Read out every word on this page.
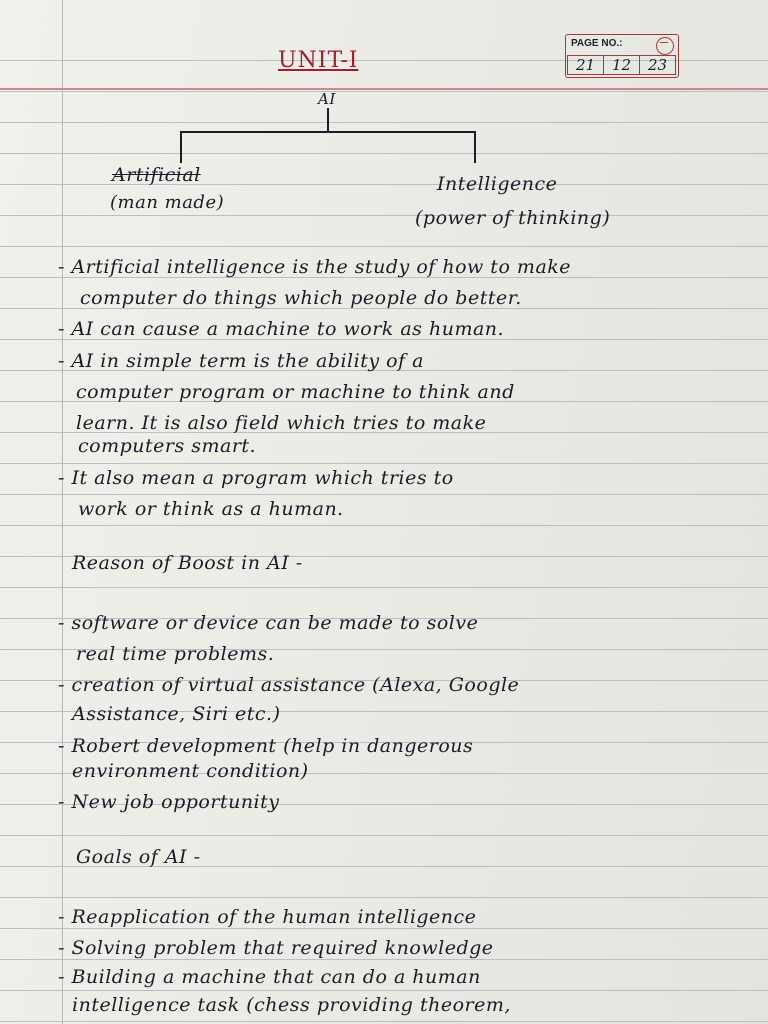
UNIT-I
PAGE NO.:
21	12	23
AI
Artificial
(man made)
Intelligence
(power of thinking)
- Artificial intelligence is the study of how to make
computer do things which people do better.
- AI can cause a machine to work as human.
- AI in simple term is the ability of a
computer program or machine to think and
learn. It is also field which tries to make
computers smart.
- It also mean a program which tries to
work or think as a human.
Reason of Boost in AI -
- software or device can be made to solve
real time problems.
- creation of virtual assistance (Alexa, Google
Assistance, Siri etc.)
- Robert development (help in dangerous
environment condition)
- New job opportunity
Goals of AI -
- Reapplication of the human intelligence
- Solving problem that required knowledge
- Building a machine that can do a human
intelligence task (chess providing theorem,
